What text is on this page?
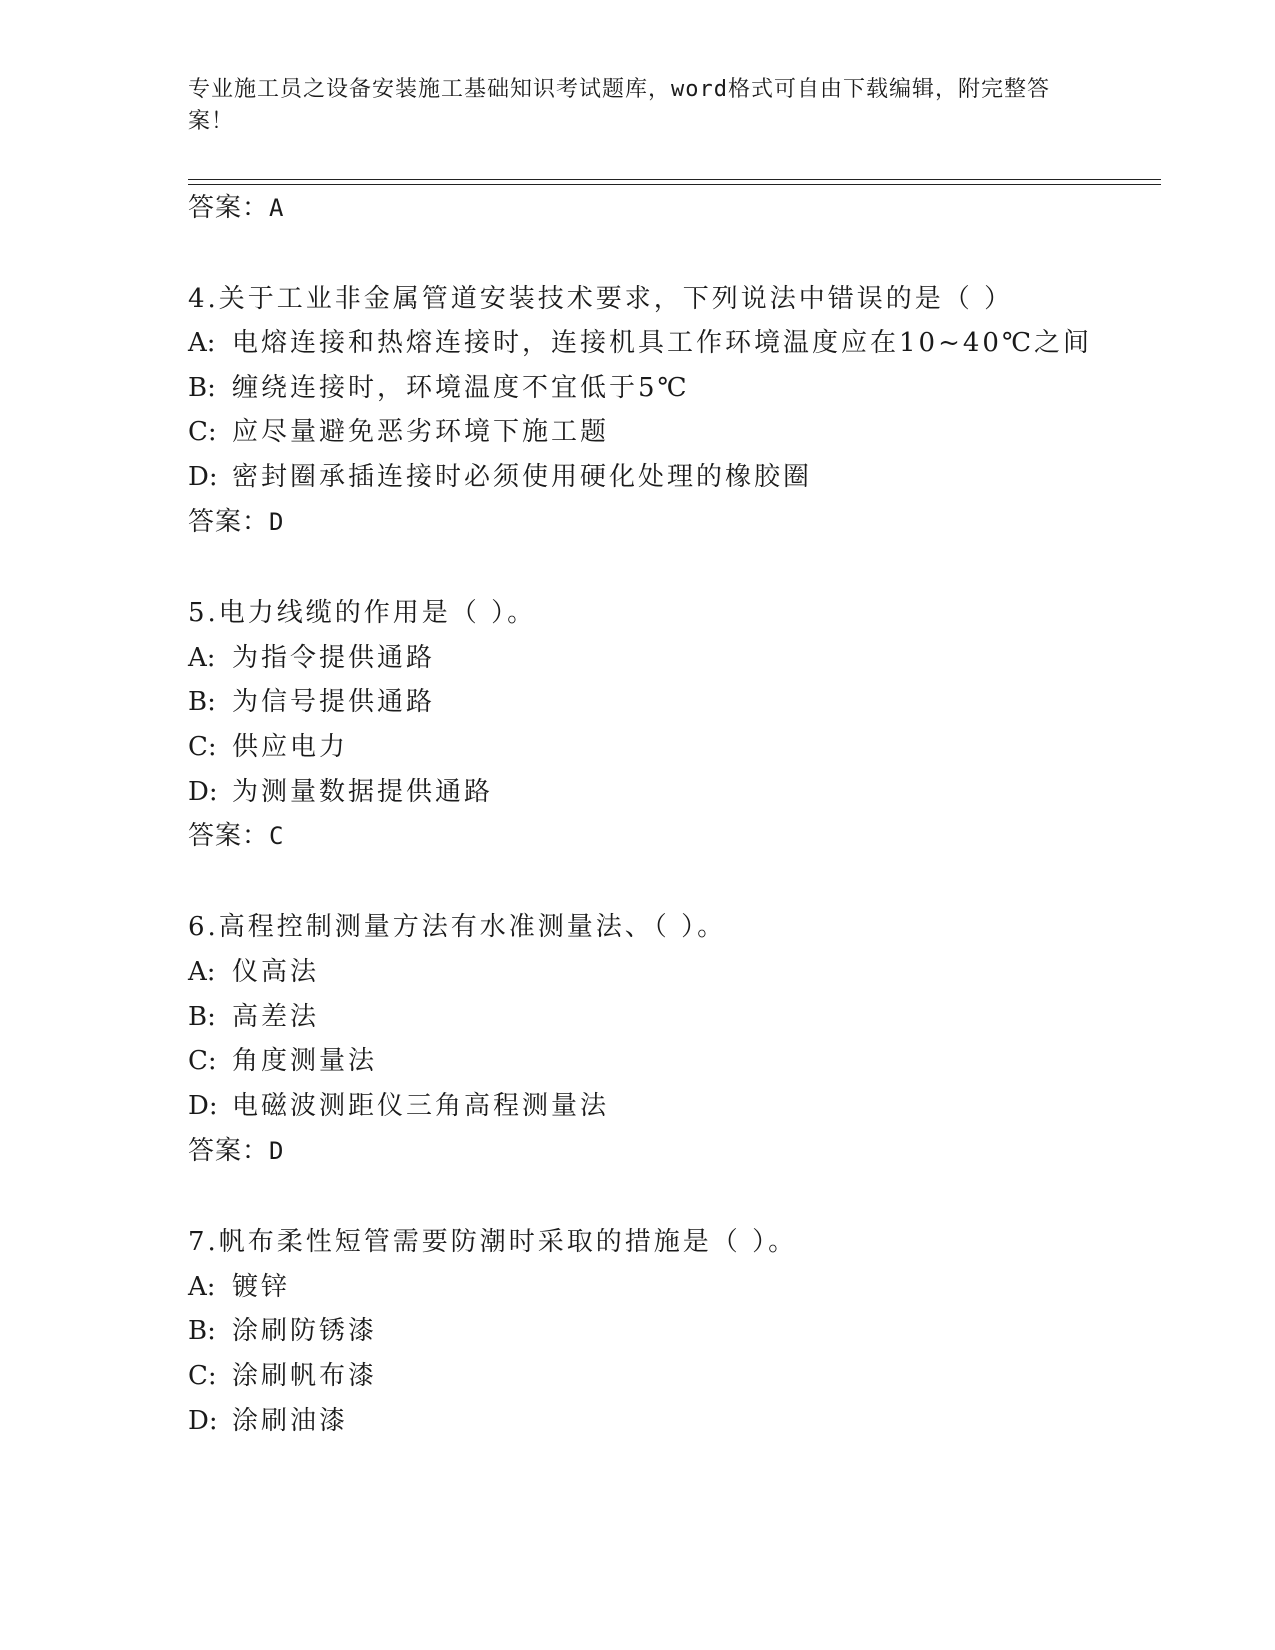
专业施工员之设备安装施工基础知识考试题库，word格式可自由下载编辑，附完整答案！
答案：A
4.关于工业非金属管道安装技术要求，下列说法中错误的是（ ）
A: 电熔连接和热熔连接时，连接机具工作环境温度应在10~40℃之间
B: 缠绕连接时，环境温度不宜低于5℃
C: 应尽量避免恶劣环境下施工题
D: 密封圈承插连接时必须使用硬化处理的橡胶圈
答案：D
5.电力线缆的作用是（ ）。
A: 为指令提供通路
B: 为信号提供通路
C: 供应电力
D: 为测量数据提供通路
答案：C
6.高程控制测量方法有水准测量法、（ ）。
A: 仪高法
B: 高差法
C: 角度测量法
D: 电磁波测距仪三角高程测量法
答案：D
7.帆布柔性短管需要防潮时采取的措施是（ ）。
A: 镀锌
B: 涂刷防锈漆
C: 涂刷帆布漆
D: 涂刷油漆
